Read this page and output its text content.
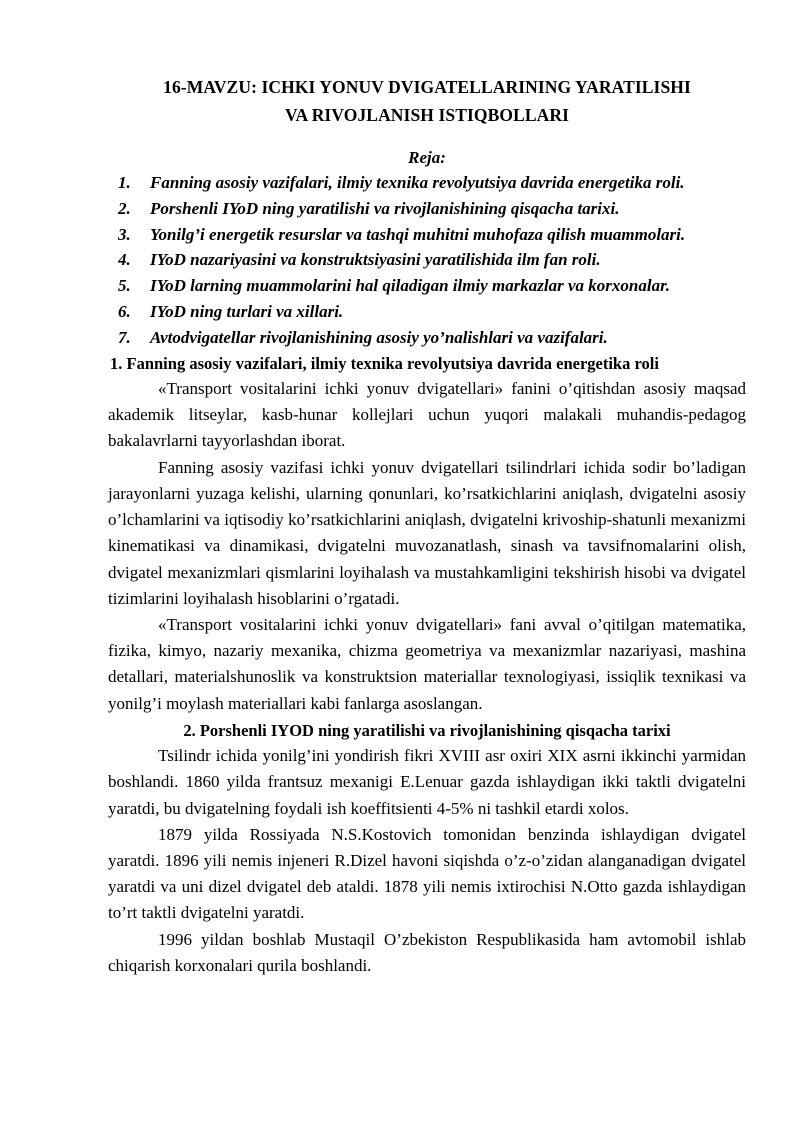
16-MAVZU: ICHKI YONUV DVIGATELLARINING YARATILISHI
VA RIVOJLANISH ISTIQBOLLARI
Reja:
1.	Fanning asosiy vazifalari, ilmiy texnika revolyutsiya davrida energetika roli.
2.	Porshenli IYoD ning yaratilishi va rivojlanishining qisqacha tarixi.
3.	Yonilg’i energetik resurslar va tashqi muhitni muhofaza qilish muammolari.
4.	IYoD nazariyasini va konstruktsiyasini yaratilishida ilm fan roli.
5.	IYoD larning muammolarini hal qiladigan ilmiy markazlar va korxonalar.
6.	IYoD ning turlari va xillari.
7.	Avtodvigatellar rivojlanishining asosiy yo’nalishlari va vazifalari.
1. Fanning asosiy vazifalari, ilmiy texnika revolyutsiya davrida energetika roli

«Transport vositalarini ichki yonuv dvigatellari» fanini o’qitishdan asosiy maqsad akademik litseylar, kasb-hunar kollejlari uchun yuqori malakali muhandis-pedagog bakalavrlarni tayyorlashdan iborat.

Fanning asosiy vazifasi ichki yonuv dvigatellari tsilindrlari ichida sodir bo’ladigan jarayonlarni yuzaga kelishi, ularning qonunlari, ko’rsatkichlarini aniqlash, dvigatelni asosiy o’lchamlarini va iqtisodiy ko’rsatkichlarini aniqlash, dvigatelni krivoship-shatunli mexanizmi kinematikasi va dinamikasi, dvigatelni muvozanatlash, sinash va tavsifnomalarini olish, dvigatel mexanizmlari qismlarini loyihalash va mustahkamligini tekshirish hisobi va dvigatel tizimlarini loyihalash hisoblarini o’rgatadi.

«Transport vositalarini ichki yonuv dvigatellari» fani avval o’qitilgan matematika, fizika, kimyo, nazariy mexanika, chizma geometriya va mexanizmlar nazariyasi, mashina detallari, materialshunoslik va konstruktsion materiallar texnologiyasi, issiqlik texnikasi va yonilg’i moylash materiallari kabi fanlarga asoslangan.

2. Porshenli IYOD ning yaratilishi va rivojlanishining qisqacha tarixi

Tsilindr ichida yonilg’ini yondirish fikri XVIII asr oxiri XIX asrni ikkinchi yarmidan boshlandi. 1860 yilda frantsuz mexanigi E.Lenuar gazda ishlaydigan ikki taktli dvigatelni yaratdi, bu dvigatelning foydali ish koeffitsienti 4-5% ni tashkil etardi xolos.

1879 yilda Rossiyada N.S.Kostovich tomonidan benzinda ishlaydigan dvigatel yaratdi. 1896 yili nemis injeneri R.Dizel havoni siqishda o’z-o’zidan alanganadigan dvigatel yaratdi va uni dizel dvigatel deb ataldi. 1878 yili nemis ixtirochisi N.Otto gazda ishlaydigan to’rt taktli dvigatelni yaratdi.

1996 yildan boshlab Mustaqil O’zbekiston Respublikasida ham avtomobil ishlab chiqarish korxonalari qurila boshlandi.
